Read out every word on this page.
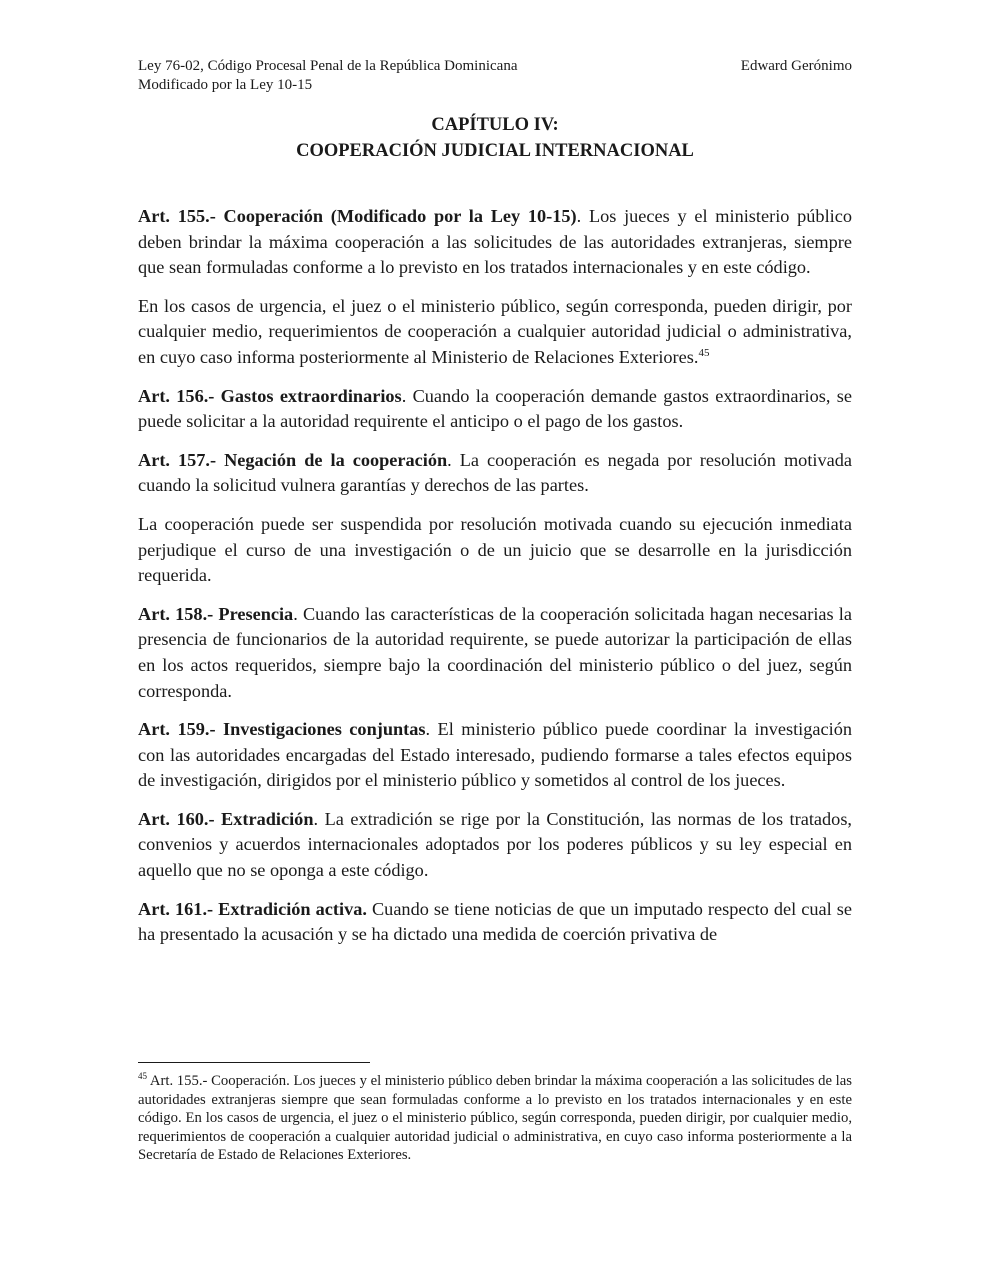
Ley 76-02, Código Procesal Penal de la República Dominicana	Edward Gerónimo
Modificado por la Ley 10-15
CAPÍTULO IV:
COOPERACIÓN JUDICIAL INTERNACIONAL

Art. 155.- Cooperación (Modificado por la Ley 10-15). Los jueces y el ministerio público deben brindar la máxima cooperación a las solicitudes de las autoridades extranjeras, siempre que sean formuladas conforme a lo previsto en los tratados internacionales y en este código.

En los casos de urgencia, el juez o el ministerio público, según corresponda, pueden dirigir, por cualquier medio, requerimientos de cooperación a cualquier autoridad judicial o administrativa, en cuyo caso informa posteriormente al Ministerio de Relaciones Exteriores.$^{45}$

Art. 156.- Gastos extraordinarios. Cuando la cooperación demande gastos extraordinarios, se puede solicitar a la autoridad requirente el anticipo o el pago de los gastos.

Art. 157.- Negación de la cooperación. La cooperación es negada por resolución motivada cuando la solicitud vulnera garantías y derechos de las partes.

La cooperación puede ser suspendida por resolución motivada cuando su ejecución inmediata perjudique el curso de una investigación o de un juicio que se desarrolle en la jurisdicción requerida.

Art. 158.- Presencia. Cuando las características de la cooperación solicitada hagan necesarias la presencia de funcionarios de la autoridad requirente, se puede autorizar la participación de ellas en los actos requeridos, siempre bajo la coordinación del ministerio público o del juez, según corresponda.

Art. 159.- Investigaciones conjuntas. El ministerio público puede coordinar la investigación con las autoridades encargadas del Estado interesado, pudiendo formarse a tales efectos equipos de investigación, dirigidos por el ministerio público y sometidos al control de los jueces.

Art. 160.- Extradición. La extradición se rige por la Constitución, las normas de los tratados, convenios y acuerdos internacionales adoptados por los poderes públicos y su ley especial en aquello que no se oponga a este código.

Art. 161.- Extradición activa. Cuando se tiene noticias de que un imputado respecto del cual se ha presentado la acusación y se ha dictado una medida de coerción privativa de

$^{45}$ Art. 155.- Cooperación. Los jueces y el ministerio público deben brindar la máxima cooperación a las solicitudes de las autoridades extranjeras siempre que sean formuladas conforme a lo previsto en los tratados internacionales y en este código. En los casos de urgencia, el juez o el ministerio público, según corresponda, pueden dirigir, por cualquier medio, requerimientos de cooperación a cualquier autoridad judicial o administrativa, en cuyo caso informa posteriormente a la Secretaría de Estado de Relaciones Exteriores.
